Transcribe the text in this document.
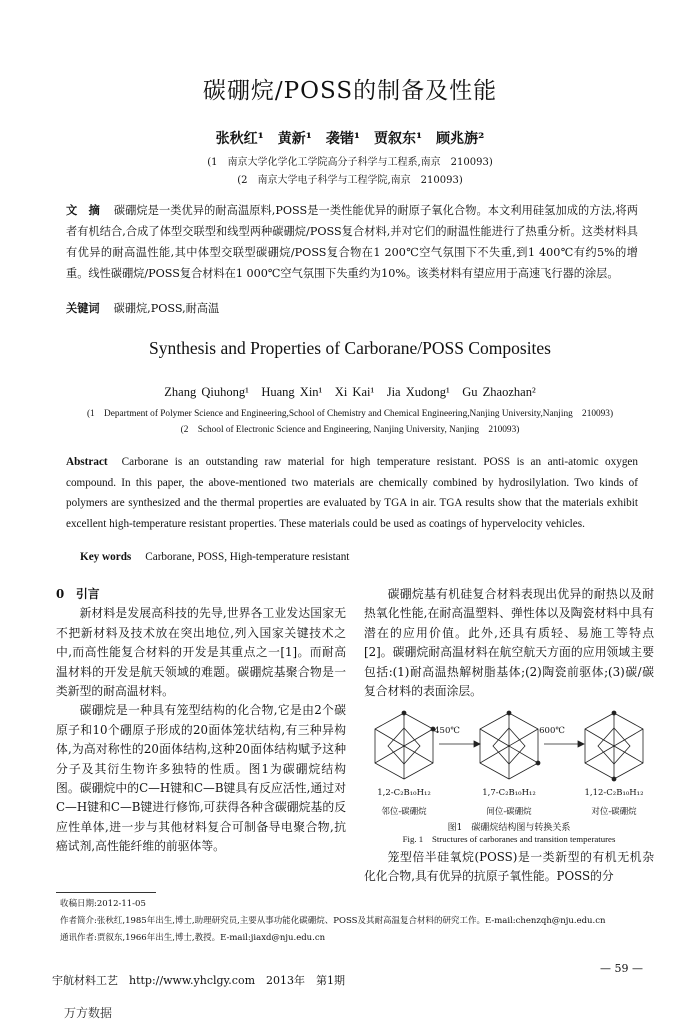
碳硼烷/POSS的制备及性能
张秋红¹　黄新¹　袭锴¹　贾叙东¹　顾兆旃²
(1　南京大学化学化工学院高分子科学与工程系,南京　210093)
(2　南京大学电子科学与工程学院,南京　210093)
文　摘 碳硼烷是一类优异的耐高温原料,POSS是一类性能优异的耐原子氧化合物。本文利用硅氢加成的方法,将两者有机结合,合成了体型交联型和线型两种碳硼烷/POSS复合材料,并对它们的耐温性能进行了热重分析。这类材料具有优异的耐高温性能,其中体型交联型碳硼烷/POSS复合物在1 200℃空气氛围下不失重,到1 400℃有约5%的增重。线性碳硼烷/POSS复合材料在1 000℃空气氛围下失重约为10%。该类材料有望应用于高速飞行器的涂层。
关键词 碳硼烷,POSS,耐高温
Synthesis and Properties of Carborane/POSS Composites
Zhang Qiuhong¹　Huang Xin¹　Xi Kai¹　Jia Xudong¹　Gu Zhaozhan²
(1　Department of Polymer Science and Engineering,School of Chemistry and Chemical Engineering,Nanjing University,Nanjing　210093)
(2　School of Electronic Science and Engineering, Nanjing University, Nanjing　210093)
Abstract Carborane is an outstanding raw material for high temperature resistant. POSS is an anti-atomic oxygen compound. In this paper, the above-mentioned two materials are chemically combined by hydrosilylation. Two kinds of polymers are synthesized and the thermal properties are evaluated by TGA in air. TGA results show that the materials exhibit excellent high-temperature resistant properties. These materials could be used as coatings of hypervelocity vehicles.
Key words Carborane, POSS, High-temperature resistant
0　引言

新材料是发展高科技的先导,世界各工业发达国家无不把新材料及技术放在突出地位,列入国家关键技术之中,而高性能复合材料的开发是其重点之一[1]。而耐高温材料的开发是航天领域的难题。碳硼烷基聚合物是一类新型的耐高温材料。

碳硼烷是一种具有笼型结构的化合物,它是由2个碳原子和10个硼原子形成的20面体笼状结构,有三种异构体,为高对称性的20面体结构,这种20面体结构赋予这种分子及其衍生物许多独特的性质。图1为碳硼烷结构图。碳硼烷中的C—H键和C—B键具有反应活性,通过对C—H键和C—B键进行修饰,可获得各种含碳硼烷基的反应性单体,进一步与其他材料复合可制备导电聚合物,抗癌试剂,高性能纤维的前驱体等。

碳硼烷基有机硅复合材料表现出优异的耐热以及耐热氧化性能,在耐高温塑料、弹性体以及陶瓷材料中具有潜在的应用价值。此外,还具有质轻、易施工等特点[2]。碳硼烷耐高温材料在航空航天方面的应用领域主要包括:(1)耐高温热解树脂基体;(2)陶瓷前驱体;(3)碳/碳复合材料的表面涂层。

450℃	600℃
1,2-C₂B₁₀H₁₂	1,7-C₂B₁₀H₁₂	1,12-C₂B₁₀H₁₂
邻位-碳硼烷	间位-碳硼烷	对位-碳硼烷
图1　碳硼烷结构图与转换关系
Fig. 1　Structures of carboranes and transition temperatures

笼型倍半硅氧烷(POSS)是一类新型的有机无机杂化化合物,具有优异的抗原子氧性能。POSS的分

收稿日期:2012-11-05
作者简介:张秋红,1985年出生,博士,助理研究员,主要从事功能化碳硼烷、POSS及其耐高温复合材料的研究工作。E-mail:chenzqh@nju.edu.cn
通讯作者:贾叙东,1966年出生,博士,教授。E-mail:jiaxd@nju.edu.cn
— 59 —
宇航材料工艺　http://www.yhclgy.com　2013年　第1期
万方数据
